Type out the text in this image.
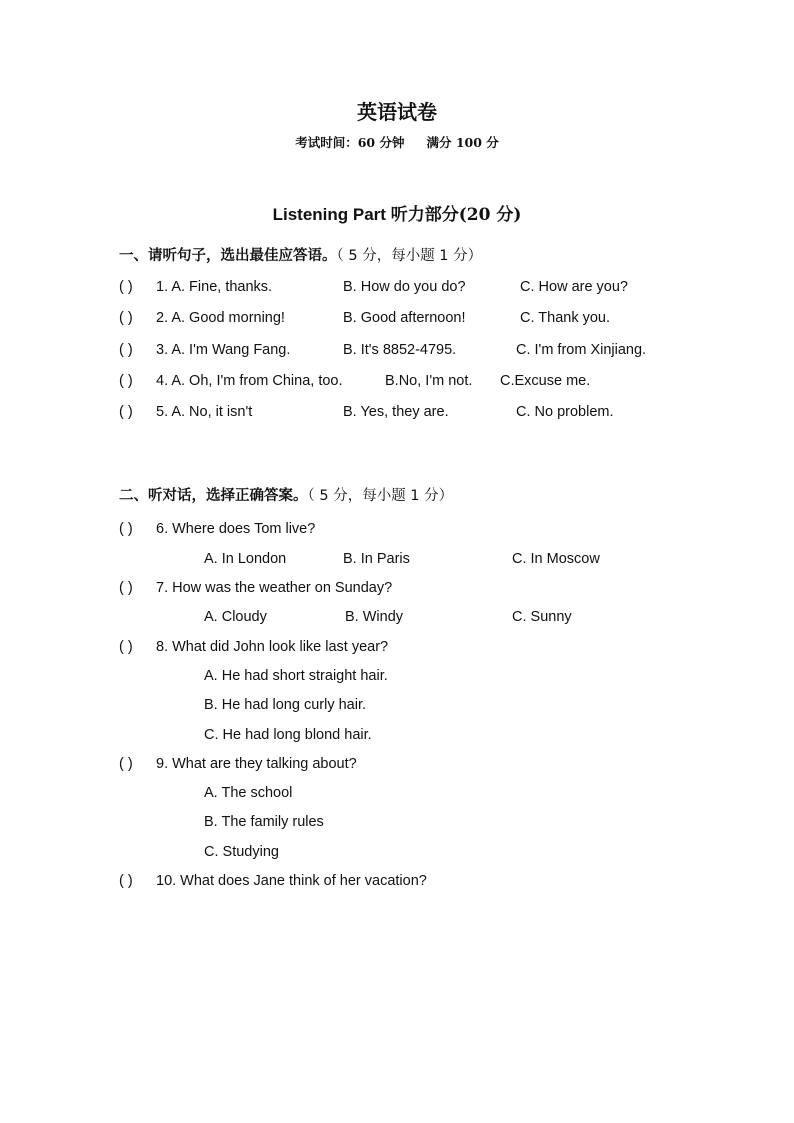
英语试卷
考试时间：60 分钟 满分 100 分
Listening Part 听力部分(20 分)
一、请听句子，选出最佳应答语。（ 5 分，每小题 1 分）
( ) 1. A. Fine, thanks.	B. How do you do?	C. How are you?
( ) 2. A. Good morning!	B. Good afternoon!	C. Thank you.
( ) 3. A. I'm Wang Fang.	B. It's 8852-4795.	C. I'm from Xinjiang.
( ) 4. A. Oh, I'm from China, too.	B.No, I'm not. C.Excuse me.
( ) 5. A. No, it isn't	B. Yes, they are.	C. No problem.
二、听对话，选择正确答案。（ 5 分，每小题 1 分）
( ) 6. Where does Tom live?
A. In London	B. In Paris	C. In Moscow
( ) 7. How was the weather on Sunday?
A. Cloudy	B. Windy	C. Sunny
( ) 8. What did John look like last year?
A. He had short straight hair.
B. He had long curly hair.
C. He had long blond hair.
( ) 9. What are they talking about?
A. The school
B. The family rules
C. Studying
( ) 10. What does Jane think of her vacation?
